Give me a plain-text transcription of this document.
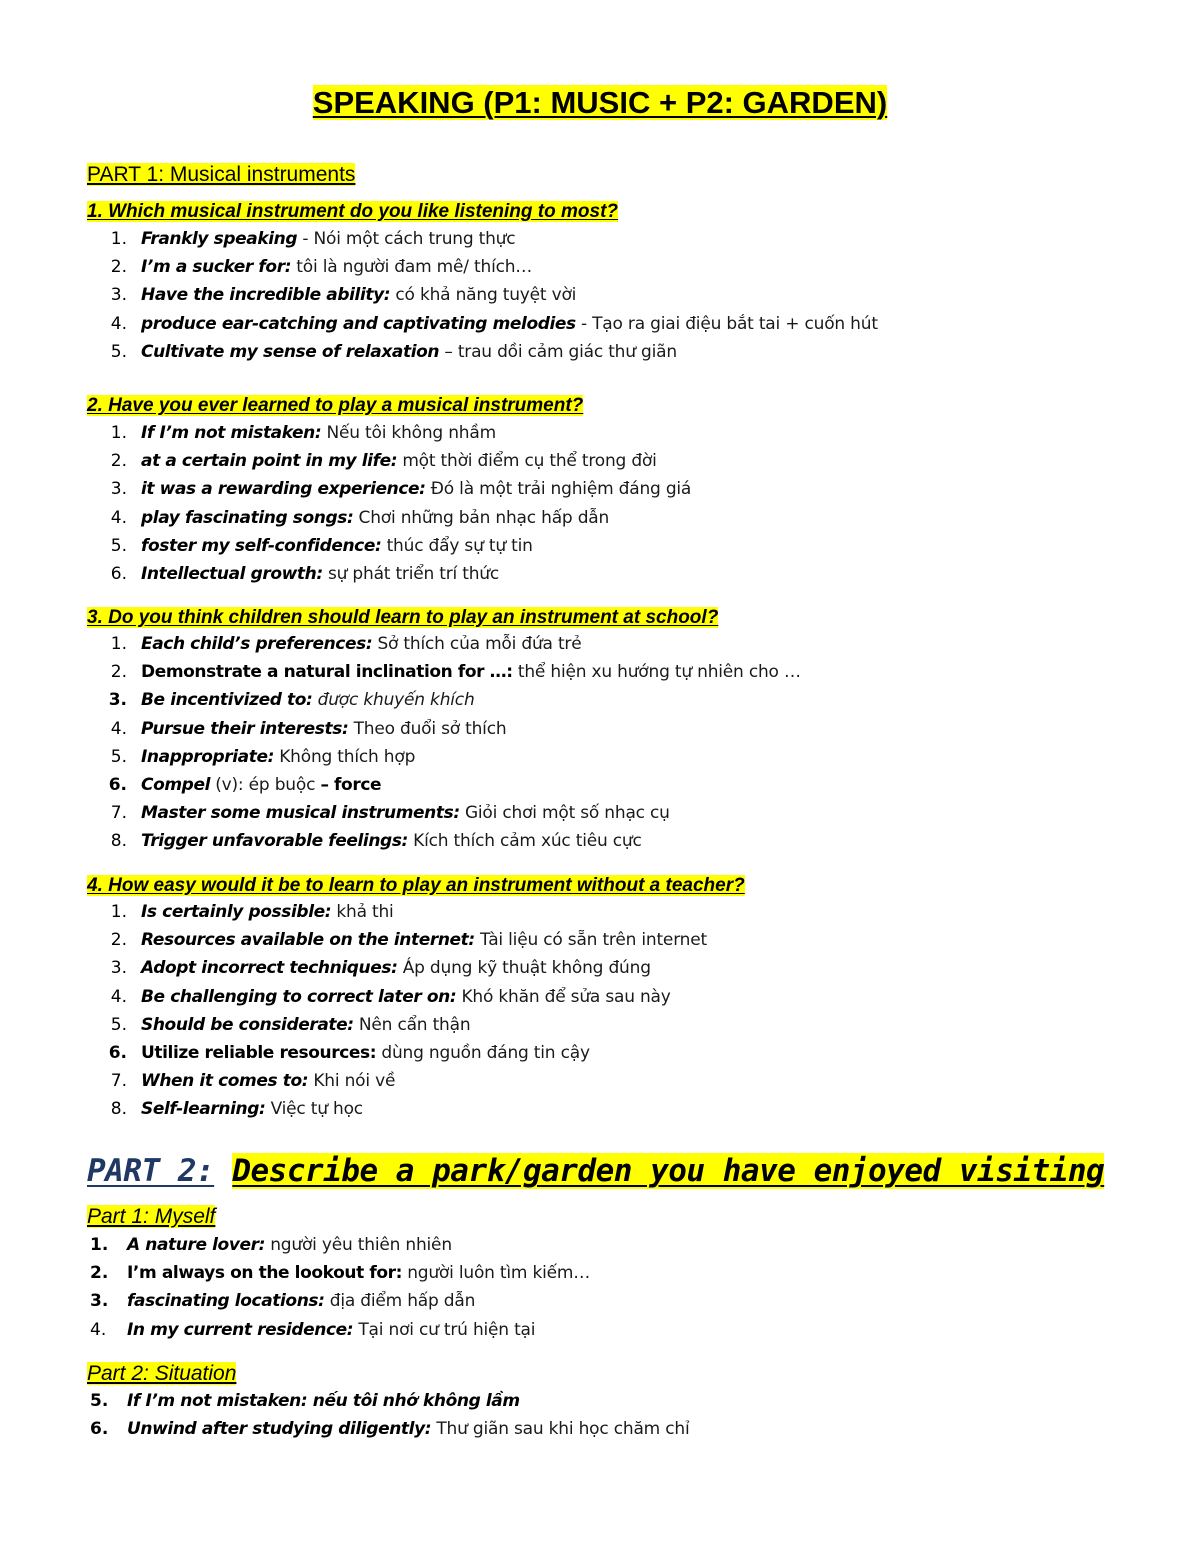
SPEAKING (P1: MUSIC + P2: GARDEN)
PART 1: Musical instruments
1. Which musical instrument do you like listening to most?
1. Frankly speaking - Nói một cách trung thực
2. I’m a sucker for: tôi là người đam mê/ thích…
3. Have the incredible ability: có khả năng tuyệt vời
4. produce ear-catching and captivating melodies - Tạo ra giai điệu bắt tai + cuốn hút
5. Cultivate my sense of relaxation – trau dồi cảm giác thư giãn
2. Have you ever learned to play a musical instrument?
1. If I’m not mistaken: Nếu tôi không nhầm
2. at a certain point in my life: một thời điểm cụ thể trong đời
3. it was a rewarding experience: Đó là một trải nghiệm đáng giá
4. play fascinating songs: Chơi những bản nhạc hấp dẫn
5. foster my self-confidence: thúc đẩy sự tự tin
6. Intellectual growth: sự phát triển trí thức
3. Do you think children should learn to play an instrument at school?
1. Each child’s preferences: Sở thích của mỗi đứa trẻ
2. Demonstrate a natural inclination for …: thể hiện xu hướng tự nhiên cho …
3. Be incentivized to: được khuyến khích
4. Pursue their interests: Theo đuổi sở thích
5. Inappropriate: Không thích hợp
6. Compel (v): ép buộc – force
7. Master some musical instruments: Giỏi chơi một số nhạc cụ
8. Trigger unfavorable feelings: Kích thích cảm xúc tiêu cực
4. How easy would it be to learn to play an instrument without a teacher?
1. Is certainly possible: khả thi
2. Resources available on the internet: Tài liệu có sẵn trên internet
3. Adopt incorrect techniques: Áp dụng kỹ thuật không đúng
4. Be challenging to correct later on: Khó khăn để sửa sau này
5. Should be considerate: Nên cẩn thận
6. Utilize reliable resources: dùng nguồn đáng tin cậy
7. When it comes to: Khi nói về
8. Self-learning: Việc tự học
PART 2: Describe a park/garden you have enjoyed visiting
Part 1: Myself
1.	A nature lover: người yêu thiên nhiên
2.	I’m always on the lookout for: người luôn tìm kiếm…
3.	fascinating locations: địa điểm hấp dẫn
4.	In my current residence: Tại nơi cư trú hiện tại
Part 2: Situation
5.	If I’m not mistaken: nếu tôi nhớ không lầm
6.	Unwind after studying diligently: Thư giãn sau khi học chăm chỉ
